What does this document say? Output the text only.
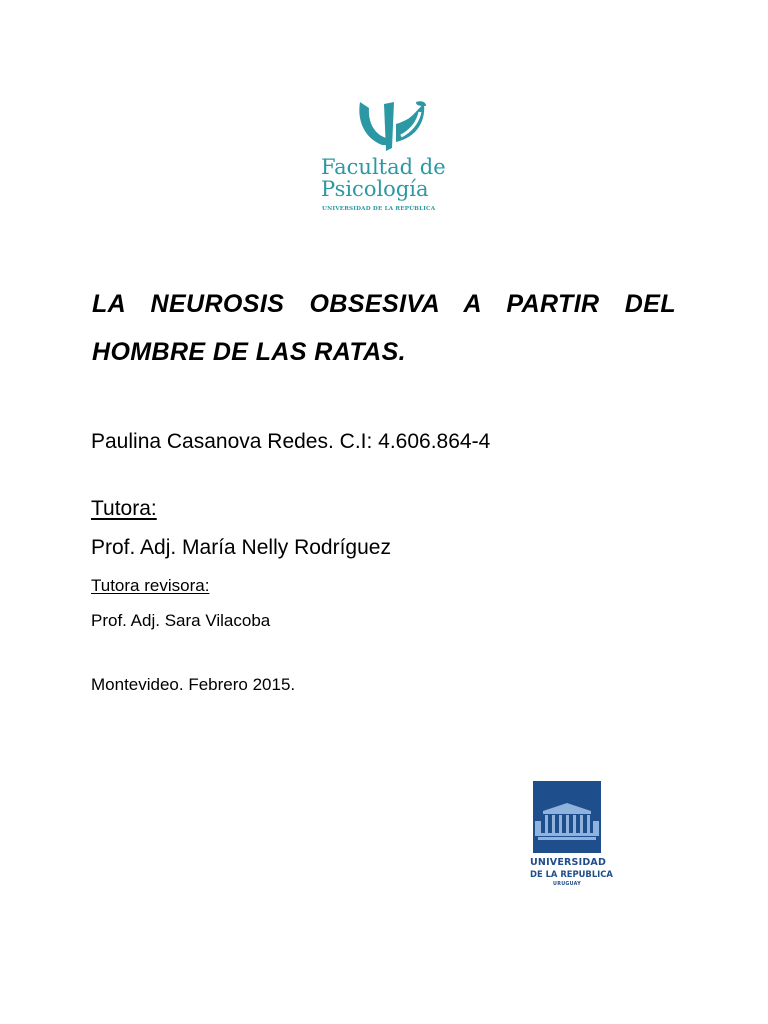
Facultad de
Psicología
UNIVERSIDAD DE LA REPÚBLICA
LA NEUROSIS OBSESIVA A PARTIR DEL
HOMBRE DE LAS RATAS.
Paulina Casanova Redes. C.I: 4.606.864-4
Tutora:
Prof. Adj. María Nelly Rodríguez
Tutora revisora:
Prof. Adj. Sara Vilacoba
Montevideo. Febrero 2015.
UNIVERSIDAD
DE LA REPUBLICA
URUGUAY
